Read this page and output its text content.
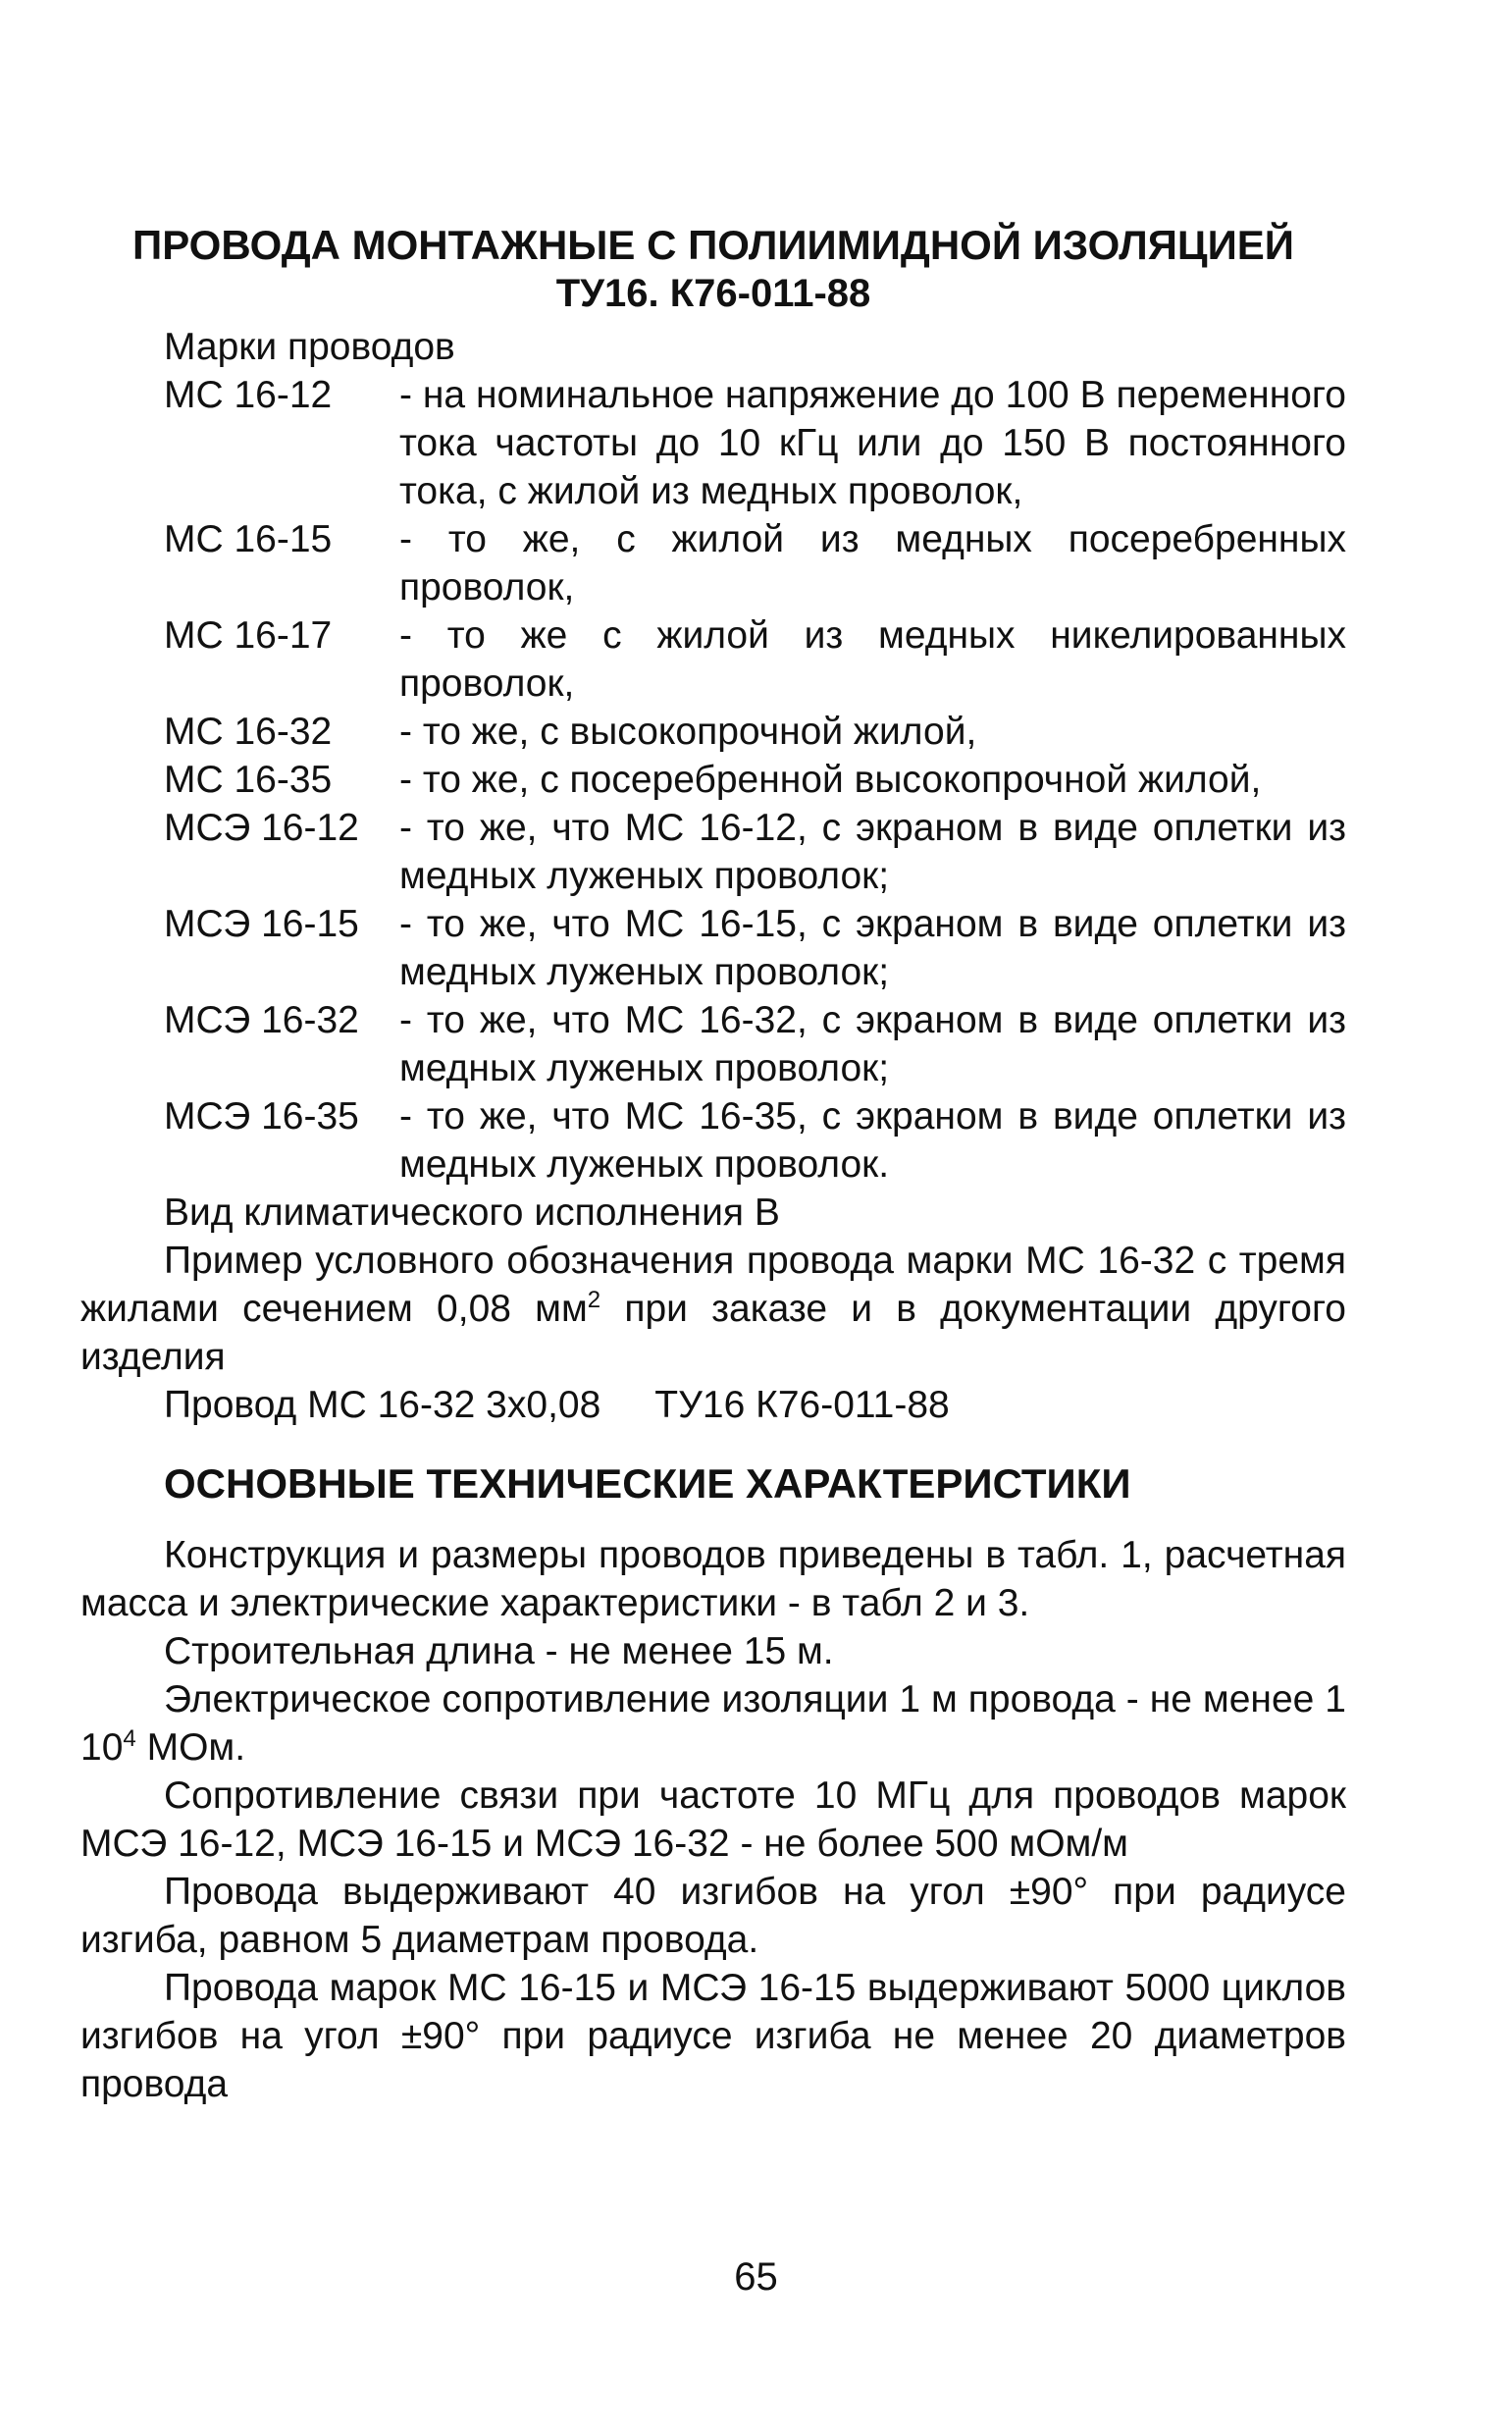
ПРОВОДА МОНТАЖНЫЕ С ПОЛИИМИДНОЙ ИЗОЛЯЦИЕЙ
ТУ16. К76-011-88

Марки проводов

МС 16-12	- на номинальное напряжение до 100 В переменного тока частоты до 10 кГц или до 150 В постоянного тока, с жилой из медных проволок,
МС 16-15	- то же, с жилой из медных посеребренных проволок,
МС 16-17	- то же с жилой из медных никелированных проволок,
МС 16-32	- то же, с высокопрочной жилой,
МС 16-35	- то же, с посеребренной высокопрочной жилой,
МСЭ 16-12	- то же, что МС 16-12, с экраном в виде оплетки из медных луженых проволок;
МСЭ 16-15	- то же, что МС 16-15, с экраном в виде оплетки из медных луженых проволок;
МСЭ 16-32	- то же, что МС 16-32, с экраном в виде оплетки из медных луженых проволок;
МСЭ 16-35	- то же, что МС 16-35, с экраном в виде оплетки из медных луженых проволок.

Вид климатического исполнения В

Пример условного обозначения провода марки МС 16-32 с тремя жилами сечением 0,08 $мм^2$ при заказе и в документации другого изделия

Провод МС 16-32 3х0,08 ТУ16 К76-011-88
ОСНОВНЫЕ ТЕХНИЧЕСКИЕ ХАРАКТЕРИСТИКИ

Конструкция и размеры проводов приведены в табл. 1, расчетная масса и электрические характеристики - в табл 2 и 3.

Строительная длина - не менее 15 м.

Электрическое сопротивление изоляции 1 м провода - не менее 1 $10^4$ МОм.

Сопротивление связи при частоте 10 МГц для проводов марок МСЭ 16-12, МСЭ 16-15 и МСЭ 16-32 - не более 500 мОм/м

Провода выдерживают 40 изгибов на угол ±90° при радиусе изгиба, равном 5 диаметрам провода.

Провода марок МС 16-15 и МСЭ 16-15 выдерживают 5000 циклов изгибов на угол ±90° при радиусе изгиба не менее 20 диаметров провода

65
